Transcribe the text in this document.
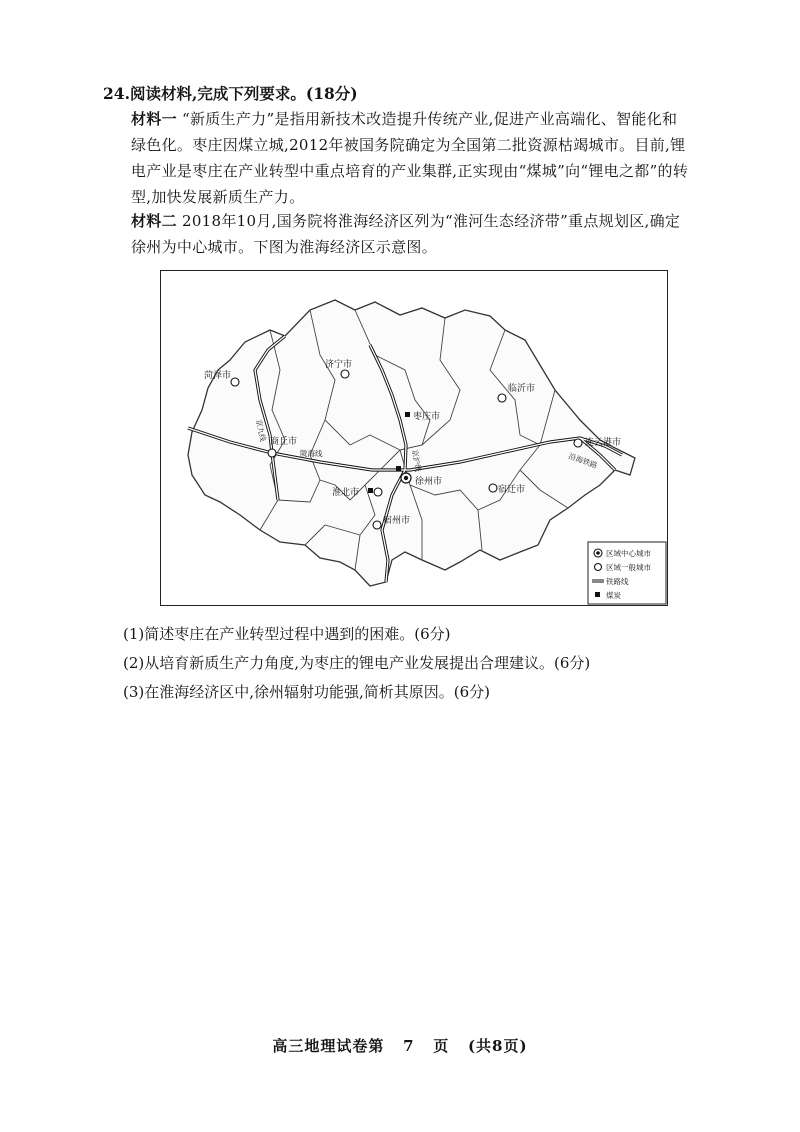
24.阅读材料,完成下列要求。(18分)
材料一 “新质生产力”是指用新技术改造提升传统产业,促进产业高端化、智能化和绿色化。枣庄因煤立城,2012年被国务院确定为全国第二批资源枯竭城市。目前,锂电产业是枣庄在产业转型中重点培育的产业集群,正实现由“煤城”向“锂电之都”的转型,加快发展新质生产力。
材料二 2018年10月,国务院将淮海经济区列为“淮河生态经济带”重点规划区,确定徐州为中心城市。下图为淮海经济区示意图。
京九线
陇海线	京沪线	沿海铁路
菏泽市
济宁市
临沂市
枣庄市
连云港市
商丘市
徐州市
淮北市	宿迁市
宿州市
区域中心城市
区域一般城市
铁路线
煤炭
(1)简述枣庄在产业转型过程中遇到的困难。(6分)
(2)从培育新质生产力角度,为枣庄的锂电产业发展提出合理建议。(6分)
(3)在淮海经济区中,徐州辐射功能强,简析其原因。(6分)
高三地理试卷第 7 页 (共8页)
